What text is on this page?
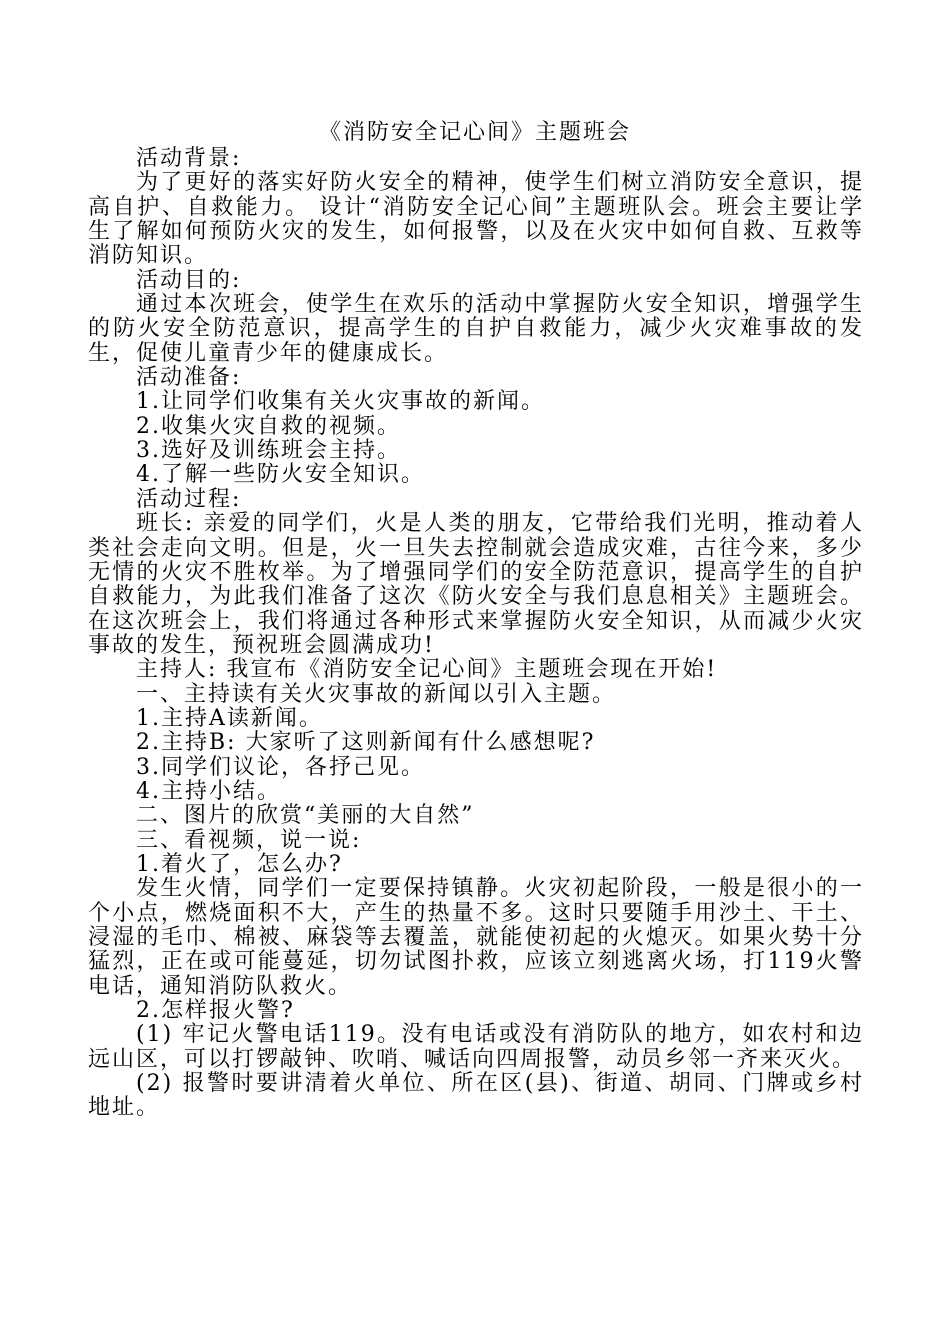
《消防安全记心间》主题班会

活动背景:

为了更好的落实好防火安全的精神，使学生们树立消防安全意识，提高自护、自救能力。 设计“消防安全记心间”主题班队会。班会主要让学生了解如何预防火灾的发生，如何报警，以及在火灾中如何自救、互救等消防知识。

活动目的:

通过本次班会，使学生在欢乐的活动中掌握防火安全知识，增强学生的防火安全防范意识，提高学生的自护自救能力，减少火灾难事故的发生，促使儿童青少年的健康成长。

活动准备:

1.让同学们收集有关火灾事故的新闻。

2.收集火灾自救的视频。

3.选好及训练班会主持。

4.了解一些防火安全知识。

活动过程:

班长: 亲爱的同学们，火是人类的朋友，它带给我们光明，推动着人类社会走向文明。但是，火一旦失去控制就会造成灾难，古往今来，多少无情的火灾不胜枚举。为了增强同学们的安全防范意识，提高学生的自护自救能力，为此我们准备了这次《防火安全与我们息息相关》主题班会。在这次班会上，我们将通过各种形式来掌握防火安全知识，从而减少火灾事故的发生，预祝班会圆满成功!

主持人: 我宣布《消防安全记心间》主题班会现在开始!

一、主持读有关火灾事故的新闻以引入主题。

1.主持A读新闻。

2.主持B: 大家听了这则新闻有什么感想呢?

3.同学们议论，各抒己见。

4.主持小结。

二、图片的欣赏“美丽的大自然”

三、看视频，说一说:

1.着火了，怎么办?

发生火情，同学们一定要保持镇静。火灾初起阶段，一般是很小的一个小点，燃烧面积不大，产生的热量不多。这时只要随手用沙土、干土、浸湿的毛巾、棉被、麻袋等去覆盖，就能使初起的火熄灭。如果火势十分猛烈，正在或可能蔓延，切勿试图扑救，应该立刻逃离火场，打119火警电话，通知消防队救火。

2.怎样报火警?

(1) 牢记火警电话119。没有电话或没有消防队的地方，如农村和边远山区，可以打锣敲钟、吹哨、喊话向四周报警，动员乡邻一齐来灭火。

(2) 报警时要讲清着火单位、所在区(县)、街道、胡同、门牌或乡村地址。
